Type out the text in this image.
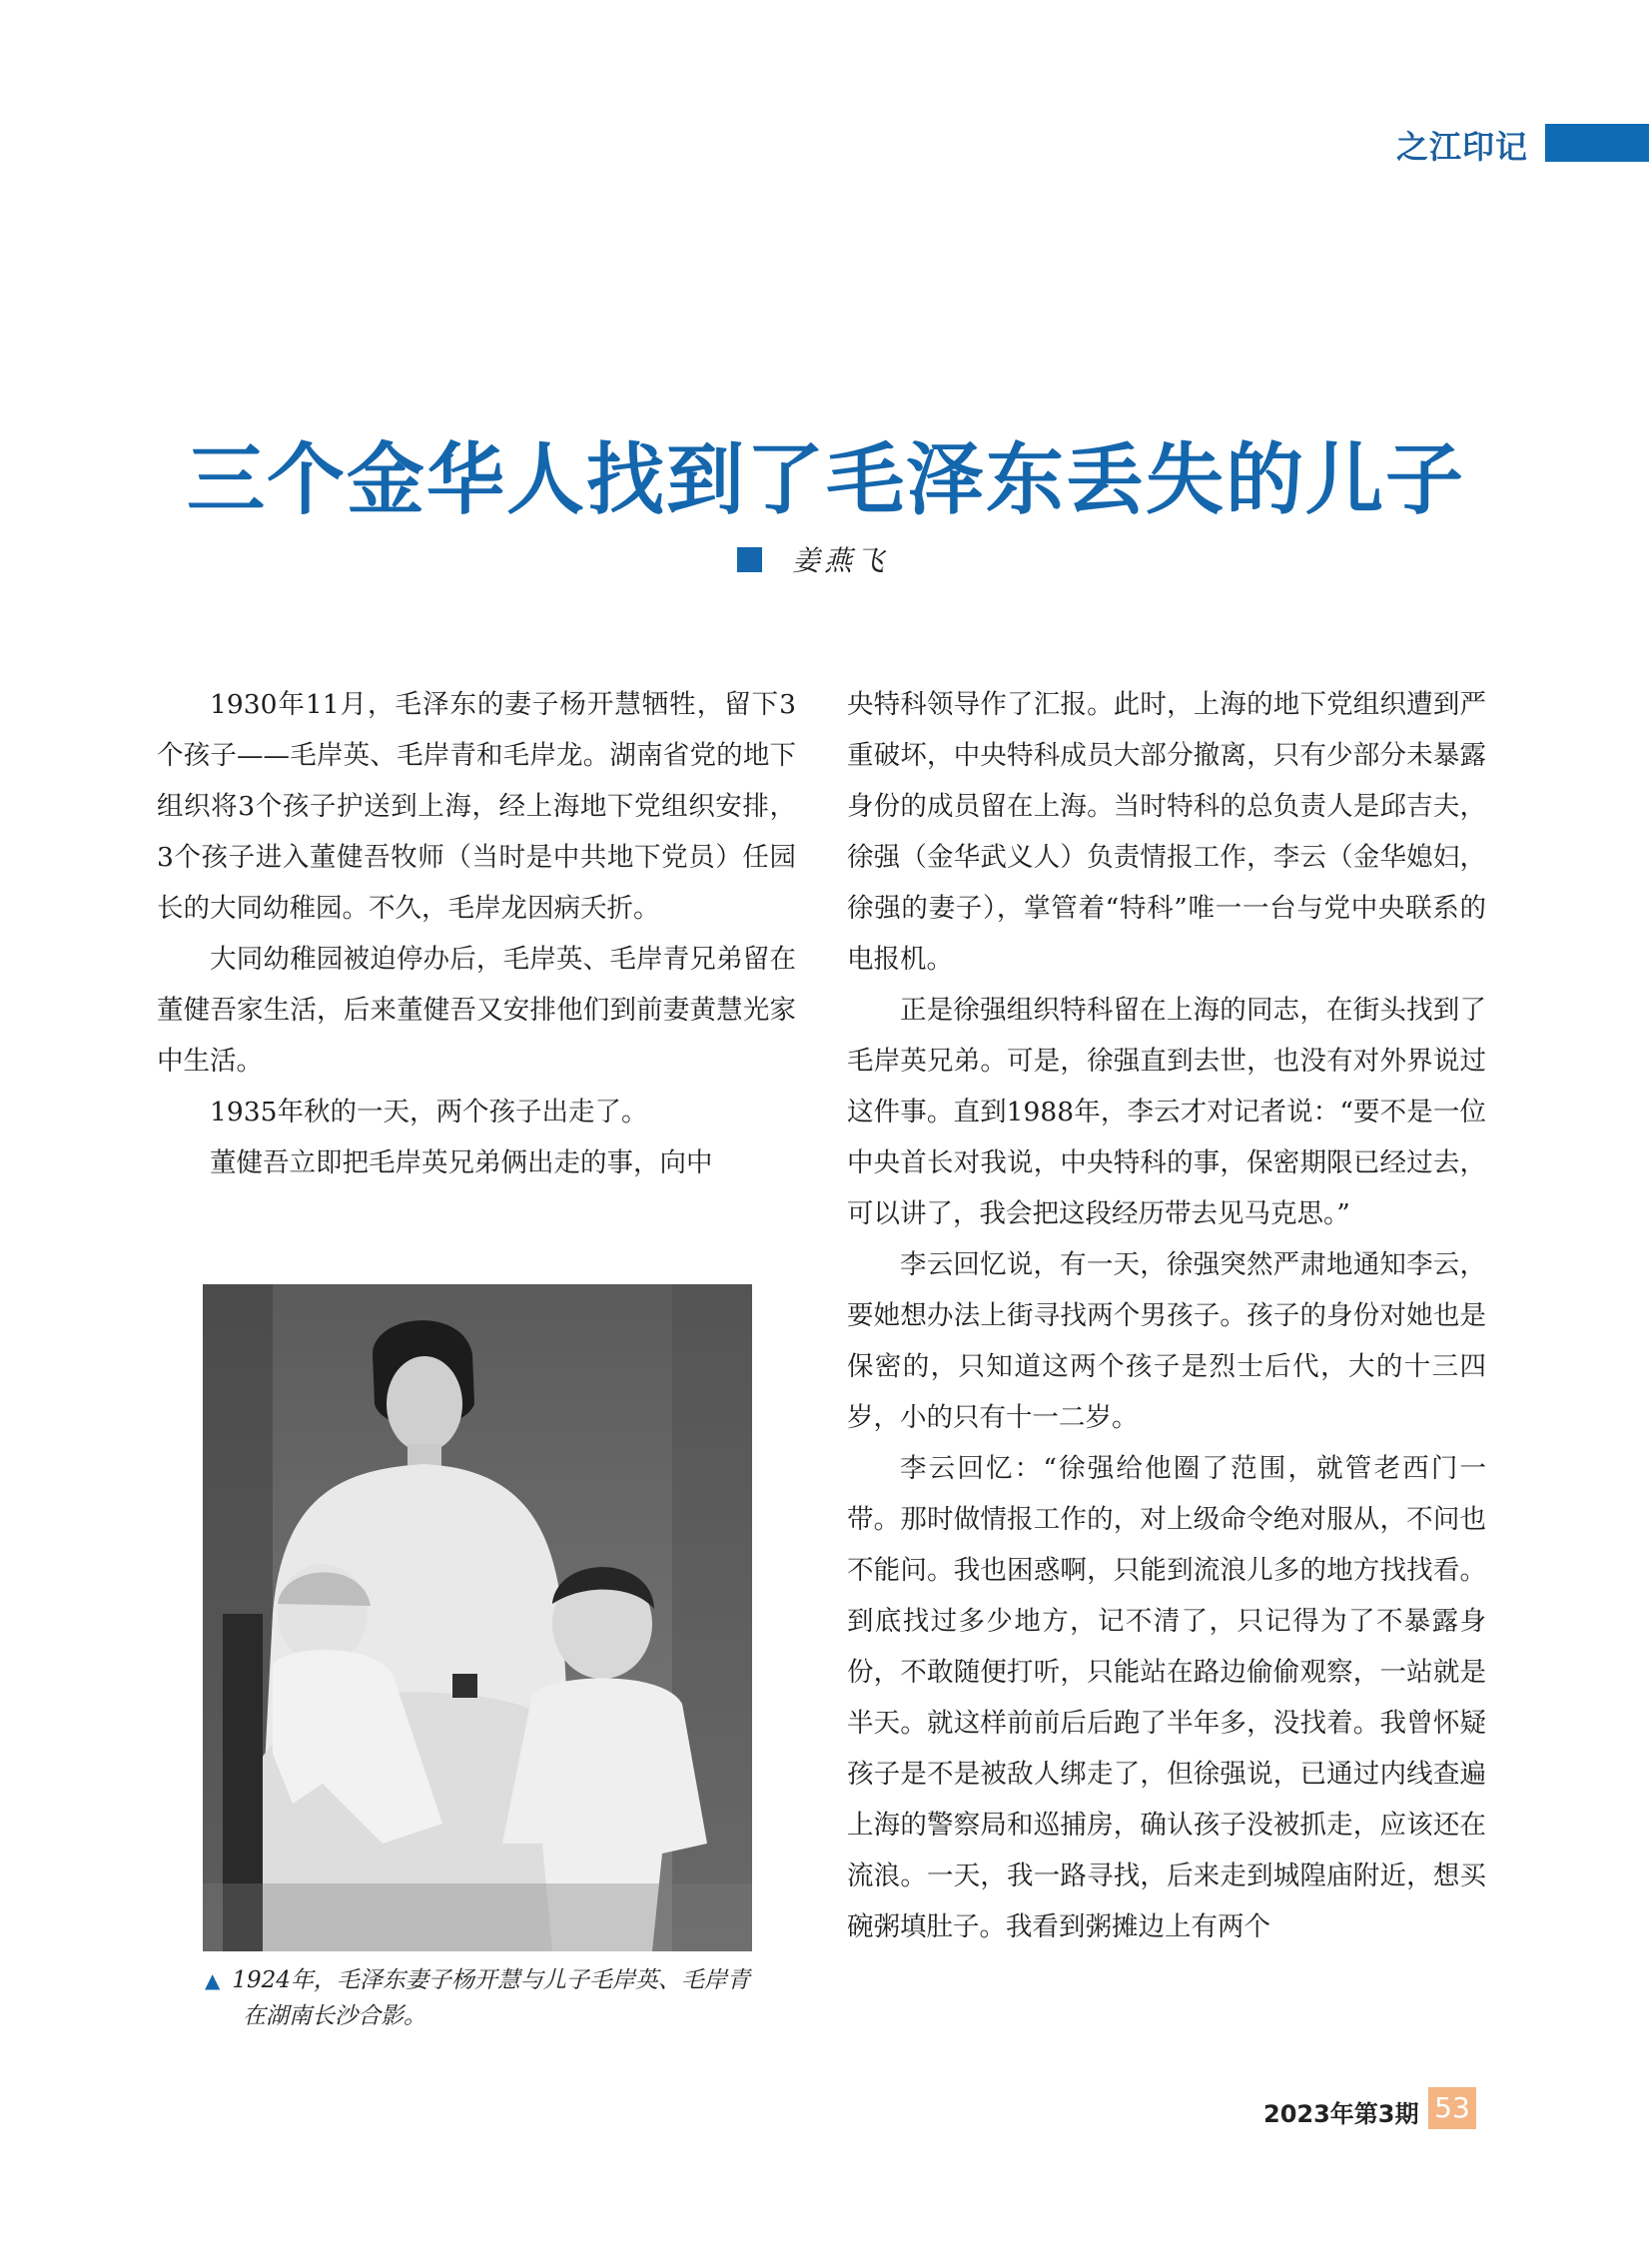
之江印记
三个金华人找到了毛泽东丢失的儿子
姜燕飞

1930年11月，毛泽东的妻子杨开慧牺牲，留下3个孩子——毛岸英、毛岸青和毛岸龙。湖南省党的地下组织将3个孩子护送到上海，经上海地下党组织安排，3个孩子进入董健吾牧师（当时是中共地下党员）任园长的大同幼稚园。不久，毛岸龙因病夭折。

大同幼稚园被迫停办后，毛岸英、毛岸青兄弟留在董健吾家生活，后来董健吾又安排他们到前妻黄慧光家中生活。

1935年秋的一天，两个孩子出走了。

董健吾立即把毛岸英兄弟俩出走的事，向中

▲ 1924年，毛泽东妻子杨开慧与儿子毛岸英、毛岸青
在湖南长沙合影。

央特科领导作了汇报。此时，上海的地下党组织遭到严重破坏，中央特科成员大部分撤离，只有少部分未暴露身份的成员留在上海。当时特科的总负责人是邱吉夫，徐强（金华武义人）负责情报工作，李云（金华媳妇，徐强的妻子），掌管着“特科”唯一一台与党中央联系的电报机。

正是徐强组织特科留在上海的同志，在街头找到了毛岸英兄弟。可是，徐强直到去世，也没有对外界说过这件事。直到1988年，李云才对记者说：“要不是一位中央首长对我说，中央特科的事，保密期限已经过去，可以讲了，我会把这段经历带去见马克思。”

李云回忆说，有一天，徐强突然严肃地通知李云，要她想办法上街寻找两个男孩子。孩子的身份对她也是保密的，只知道这两个孩子是烈士后代，大的十三四岁，小的只有十一二岁。

李云回忆：“徐强给他圈了范围，就管老西门一带。那时做情报工作的，对上级命令绝对服从，不问也不能问。我也困惑啊，只能到流浪儿多的地方找找看。到底找过多少地方，记不清了，只记得为了不暴露身份，不敢随便打听，只能站在路边偷偷观察，一站就是半天。就这样前前后后跑了半年多，没找着。我曾怀疑孩子是不是被敌人绑走了，但徐强说，已通过内线查遍上海的警察局和巡捕房，确认孩子没被抓走，应该还在流浪。一天，我一路寻找，后来走到城隍庙附近，想买碗粥填肚子。我看到粥摊边上有两个

2023年第3期 53
